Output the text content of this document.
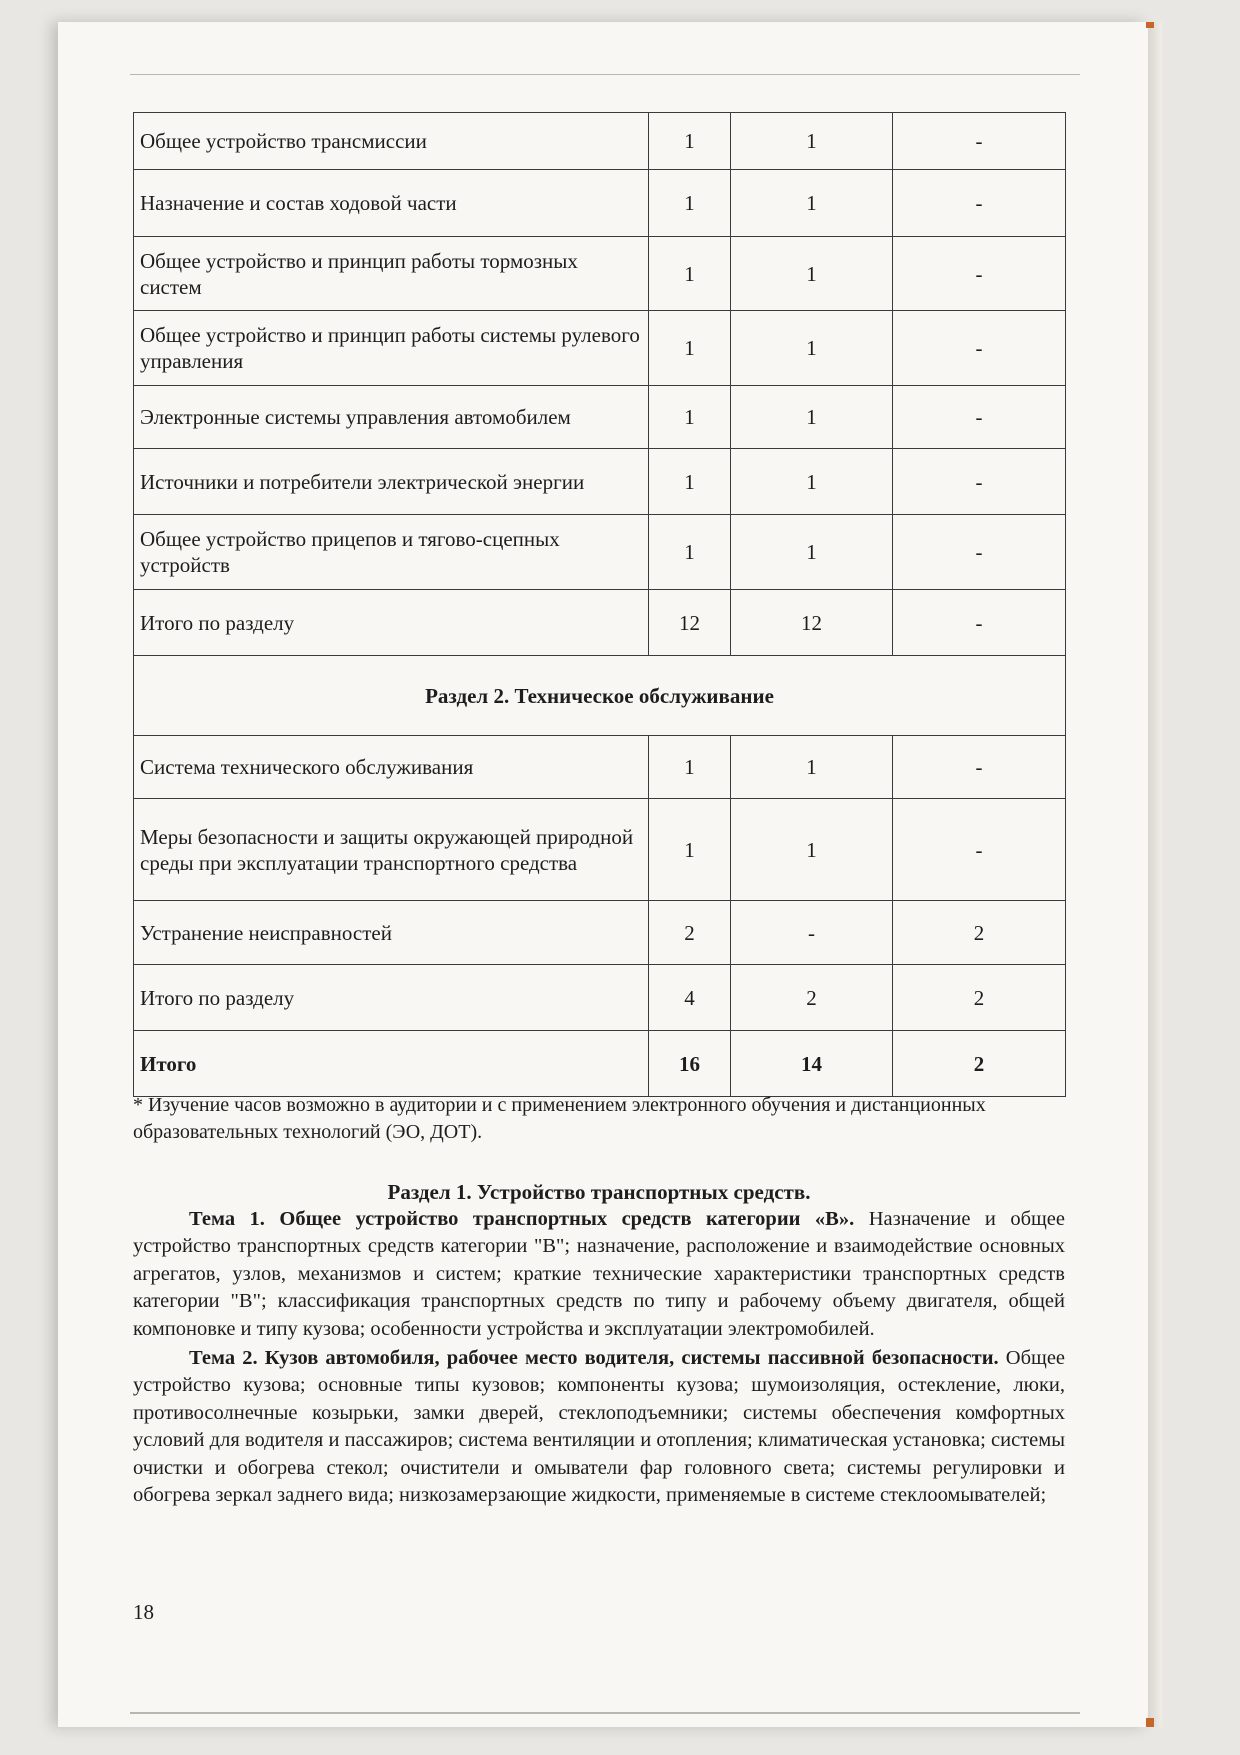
Общее устройство трансмиссии	1	1	-
Назначение и состав ходовой части	1	1	-
Общее устройство и принцип работы тормозных систем	1	1	-
Общее устройство и принцип работы системы рулевого управления	1	1	-
Электронные системы управления автомобилем	1	1	-
Источники и потребители электрической энергии	1	1	-
Общее устройство прицепов и тягово-сцепных устройств	1	1	-
Итого по разделу	12	12	-
Раздел 2. Техническое обслуживание			
Система технического обслуживания	1	1	-
Меры безопасности и защиты окружающей природной среды при эксплуатации транспортного средства	1	1	-
Устранение неисправностей	2	-	2
Итого по разделу	4	2	2
Итого	16	14	2
* Изучение часов возможно в аудитории и с применением электронного обучения и дистанционных образовательных технологий (ЭО, ДОТ).
Раздел 1. Устройство транспортных средств.

Тема 1. Общее устройство транспортных средств категории «В». Назначение и общее устройство транспортных средств категории "В"; назначение, расположение и взаимодействие основных агрегатов, узлов, механизмов и систем; краткие технические характеристики транспортных средств категории "В"; классификация транспортных средств по типу и рабочему объему двигателя, общей компоновке и типу кузова; особенности устройства и эксплуатации электромобилей.

Тема 2. Кузов автомобиля, рабочее место водителя, системы пассивной безопасности. Общее устройство кузова; основные типы кузовов; компоненты кузова; шумоизоляция, остекление, люки, противосолнечные козырьки, замки дверей, стеклоподъемники; системы обеспечения комфортных условий для водителя и пассажиров; система вентиляции и отопления; климатическая установка; системы очистки и обогрева стекол; очистители и омыватели фар головного света; системы регулировки и обогрева зеркал заднего вида; низкозамерзающие жидкости, применяемые в системе стеклоомывателей;

18
